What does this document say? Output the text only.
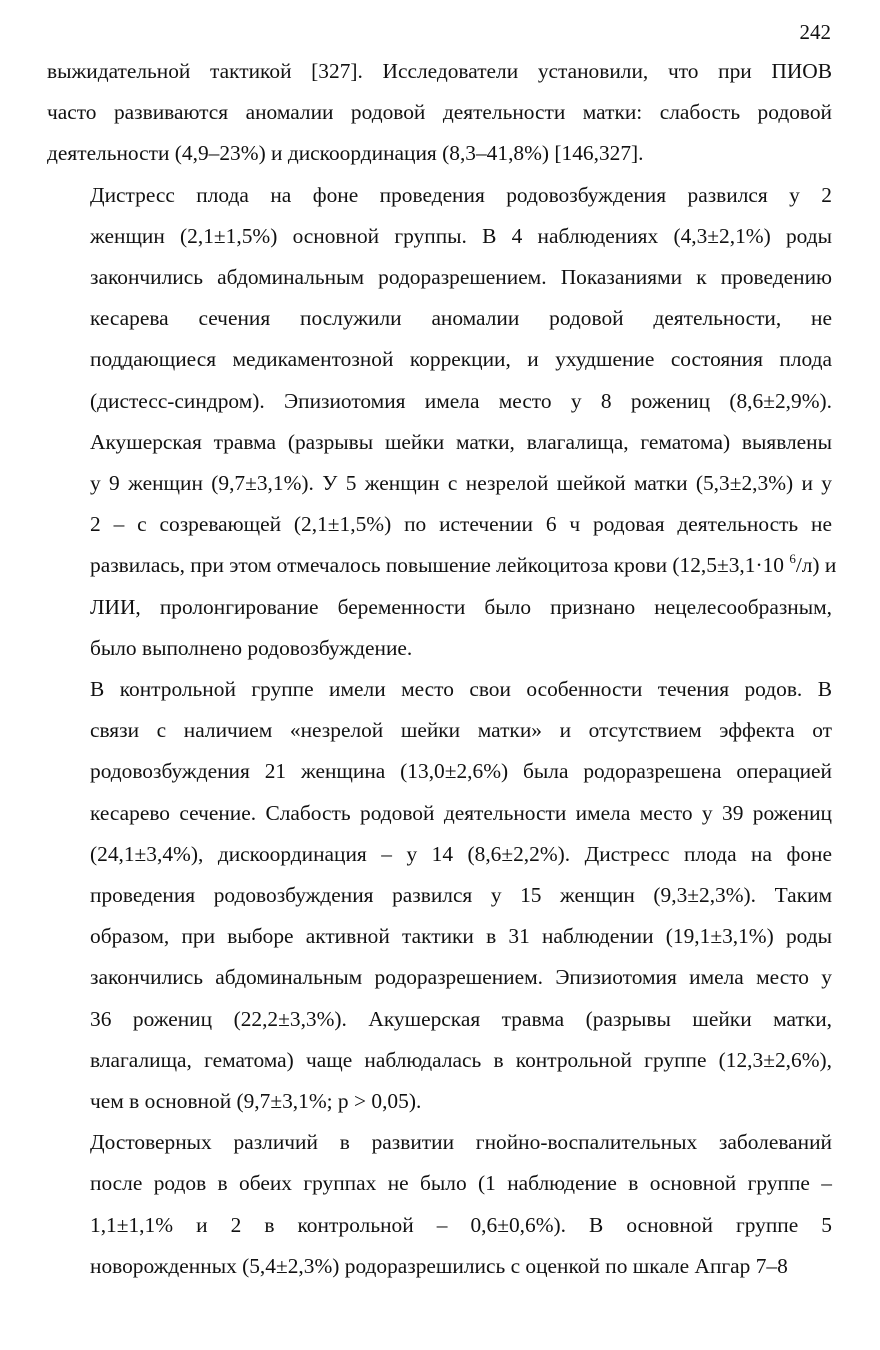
242
выжидательной тактикой [327]. Исследователи установили, что при ПИОВ
часто развиваются аномалии родовой деятельности матки: слабость родовой
деятельности (4,9–23%) и дискоординация (8,3–41,8%) [146,327].
Дистресс плода на фоне проведения родовозбуждения развился у 2
женщин (2,1±1,5%) основной группы. В 4 наблюдениях (4,3±2,1%) роды
закончились абдоминальным родоразрешением. Показаниями к проведению
кесарева сечения послужили аномалии родовой деятельности, не
поддающиеся медикаментозной коррекции, и ухудшение состояния плода
(дистесс-синдром). Эпизиотомия имела место у 8 рожениц (8,6±2,9%).
Акушерская травма (разрывы шейки матки, влагалища, гематома) выявлены
у 9 женщин (9,7±3,1%). У 5 женщин с незрелой шейкой матки (5,3±2,3%) и у
2 – с созревающей (2,1±1,5%) по истечении 6 ч родовая деятельность не
развилась, при этом отмечалось повышение лейкоцитоза крови (12,5±3,1·10 $^6$/л) и
ЛИИ, пролонгирование беременности было признано нецелесообразным,
было выполнено родовозбуждение.
В контрольной группе имели место свои особенности течения родов. В
связи с наличием «незрелой шейки матки» и отсутствием эффекта от
родовозбуждения 21 женщина (13,0±2,6%) была родоразрешена операцией
кесарево сечение. Слабость родовой деятельности имела место у 39 рожениц
(24,1±3,4%), дискоординация – у 14 (8,6±2,2%). Дистресс плода на фоне
проведения родовозбуждения развился у 15 женщин (9,3±2,3%). Таким
образом, при выборе активной тактики в 31 наблюдении (19,1±3,1%) роды
закончились абдоминальным родоразрешением. Эпизиотомия имела место у
36 рожениц (22,2±3,3%). Акушерская травма (разрывы шейки матки,
влагалища, гематома) чаще наблюдалась в контрольной группе (12,3±2,6%),
чем в основной (9,7±3,1%; p > 0,05).
Достоверных различий в развитии гнойно-воспалительных заболеваний
после родов в обеих группах не было (1 наблюдение в основной группе –
1,1±1,1% и 2 в контрольной – 0,6±0,6%). В основной группе 5
новорожденных (5,4±2,3%) родоразрешились с оценкой по шкале Апгар 7–8
